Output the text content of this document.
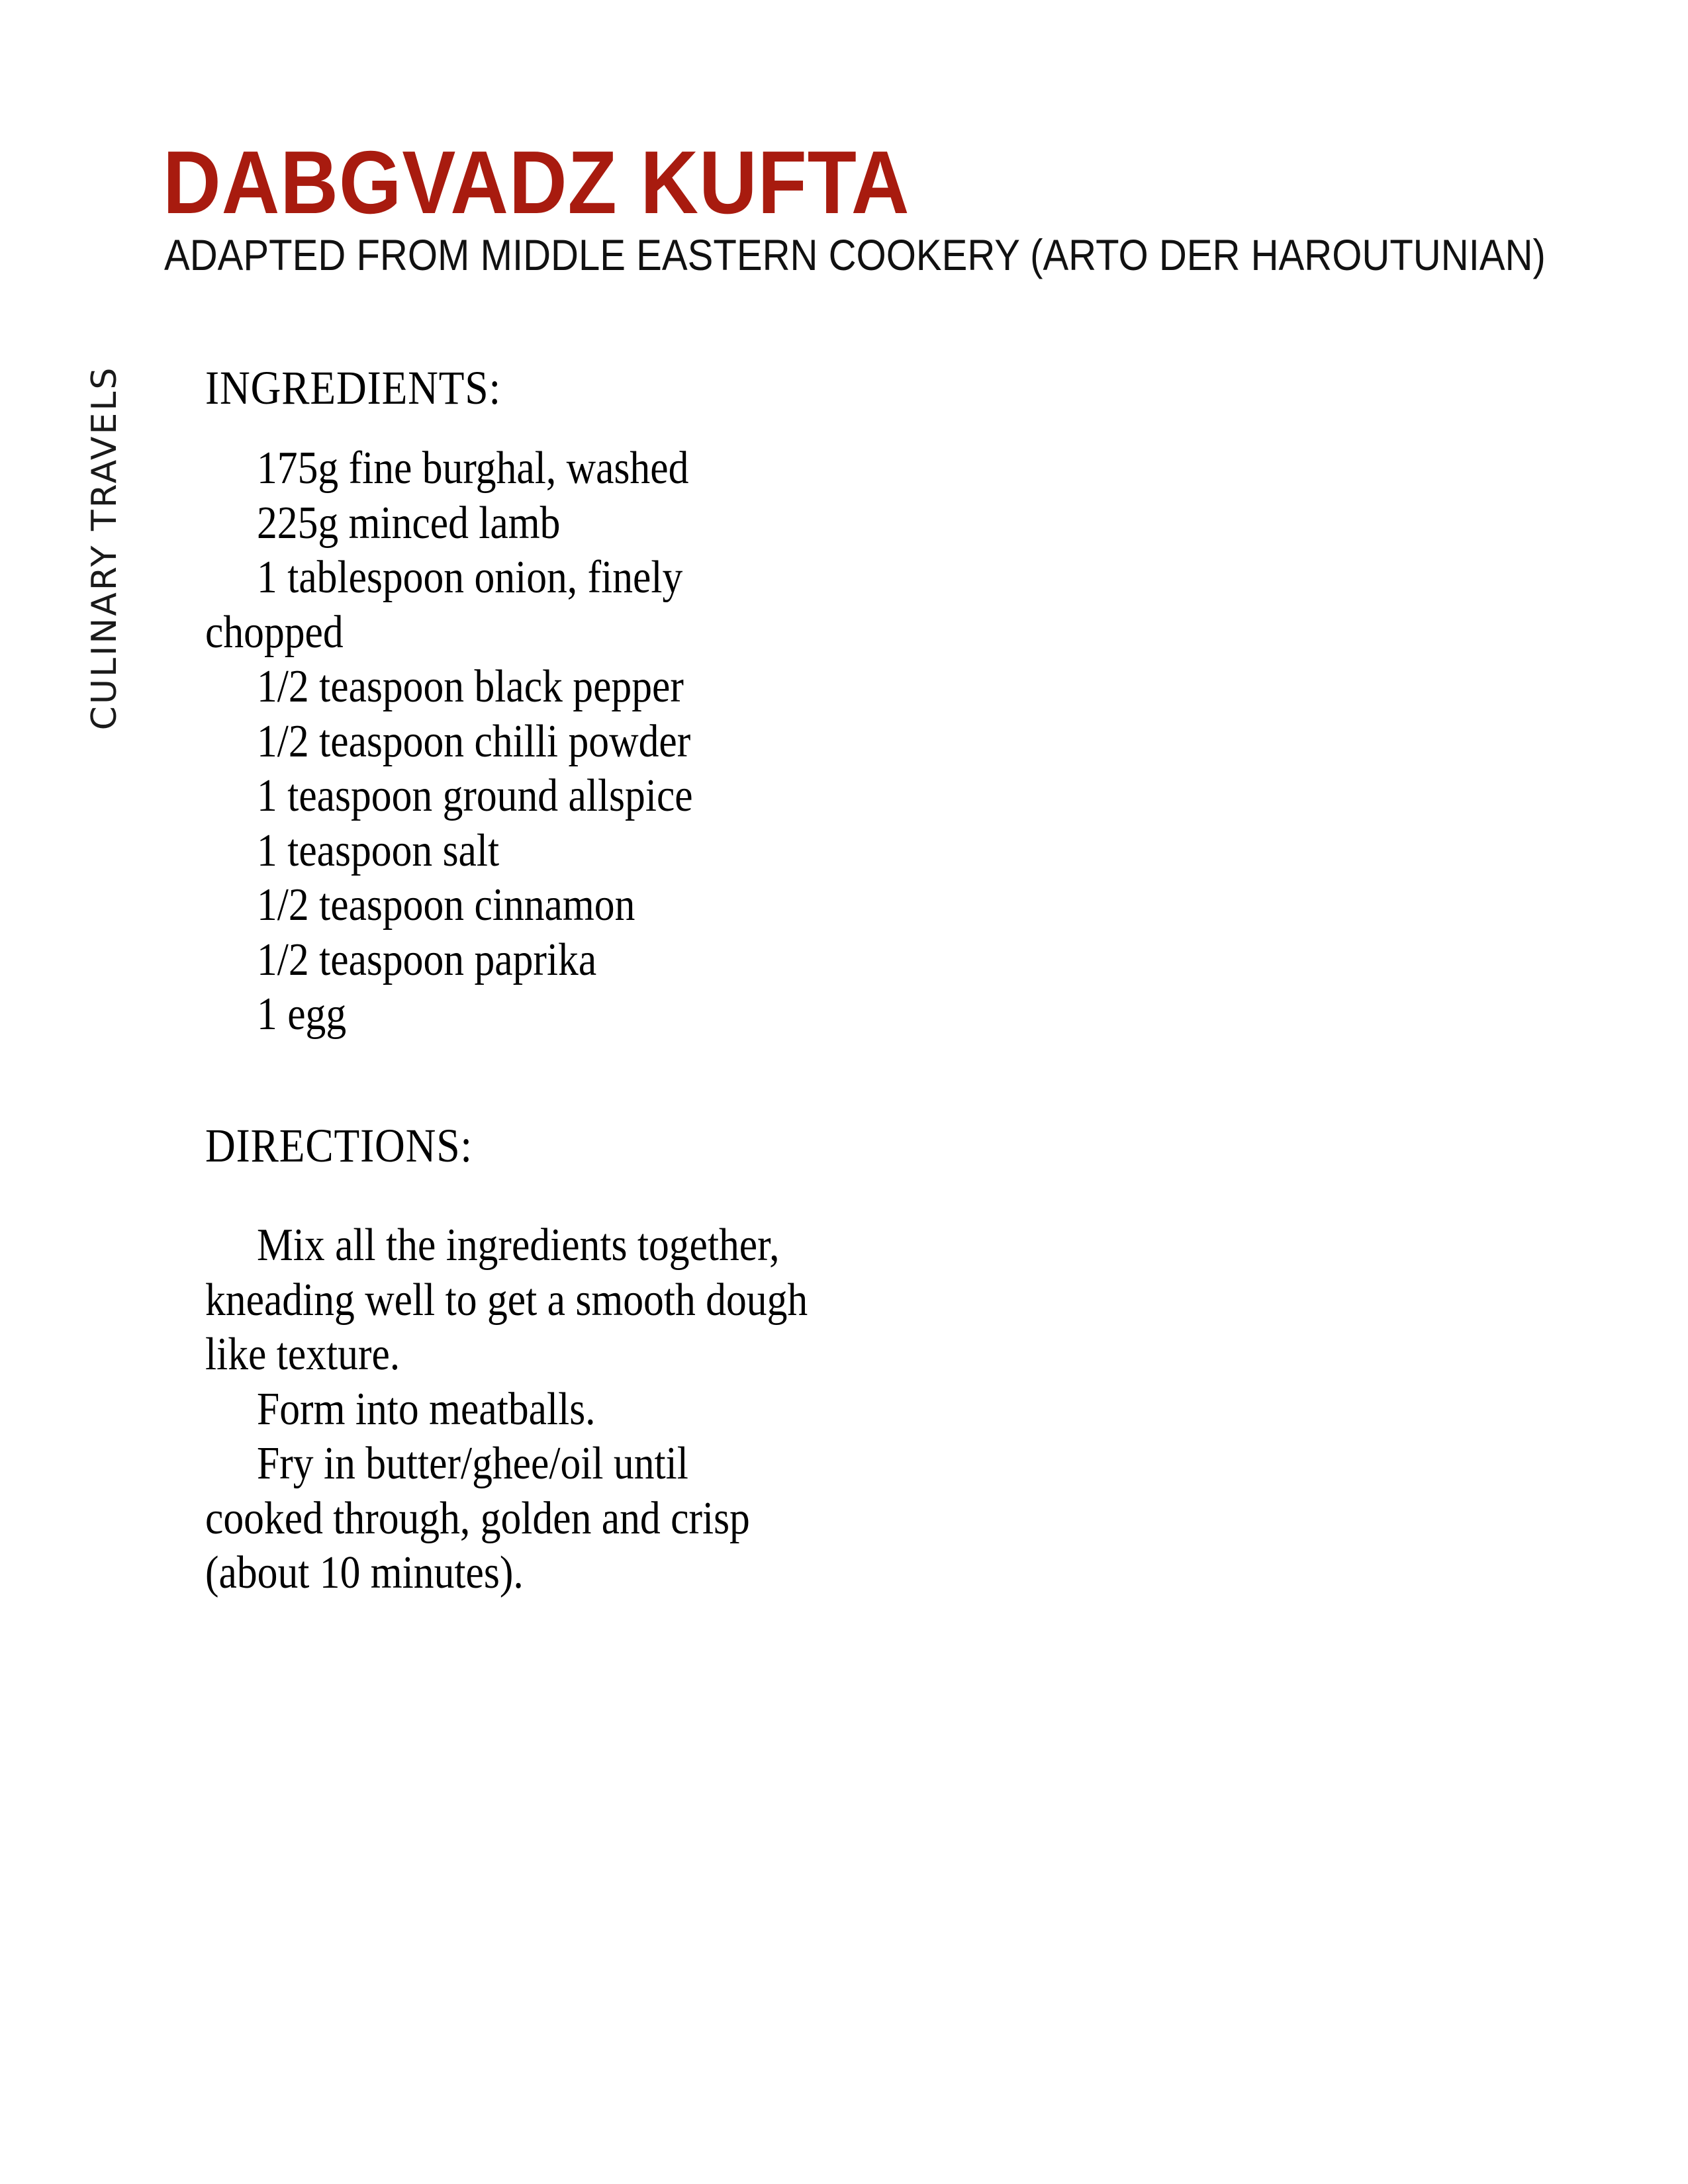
DABGVADZ KUFTA
ADAPTED FROM MIDDLE EASTERN COOKERY (ARTO DER HAROUTUNIAN)
CULINARY TRAVELS INGREDIENTS:
175g fine burghal, washed
225g minced lamb
1 tablespoon onion, finely
chopped
1/2 teaspoon black pepper
1/2 teaspoon chilli powder
1 teaspoon ground allspice
1 teaspoon salt
1/2 teaspoon cinnamon
1/2 teaspoon paprika
1 egg
DIRECTIONS:
Mix all the ingredients together,
kneading well to get a smooth dough
like texture.
Form into meatballs.
Fry in butter/ghee/oil until
cooked through, golden and crisp
(about 10 minutes).
